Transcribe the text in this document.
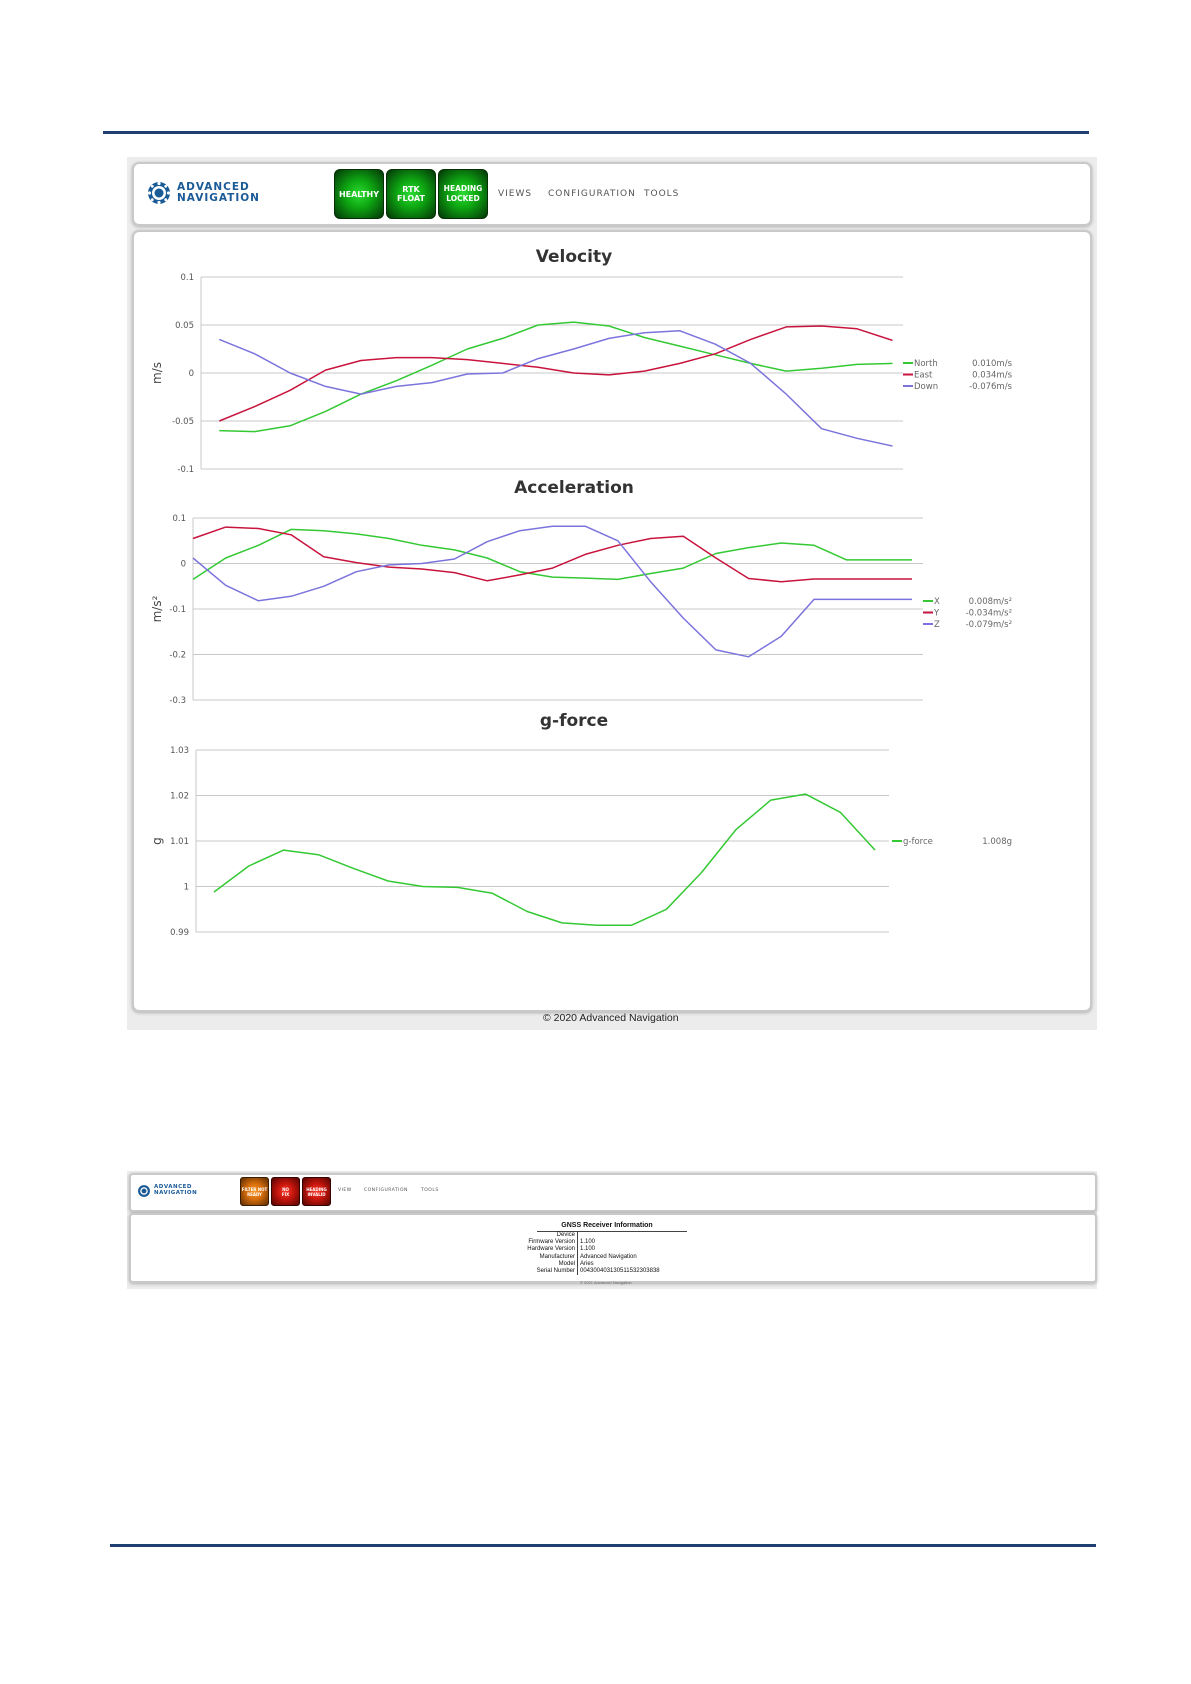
ADVANCED
NAVIGATION	HEALTHY	RTK FLOAT
HEADING LOCKED	VIEWS CONFIGURATION TOOLS
Velocity
m/s
0.1
0.05
0
-0.05
-0.1
North	0.010m/s
East	0.034m/s
Down	-0.076m/s
Acceleration
m/s²
0.1
0
-0.1
-0.2
-0.3
X	0.008m/s²
Y	-0.034m/s²
Z	-0.079m/s²
g-force
g
1.03
1.02
1.01
1
0.99
g-force	1.008g
© 2020 Advanced Navigation
ADVANCED
NAVIGATION
FILTER NOT READY
NO FIX
HEADING INVALID
VIEW	CONFIGURATION	TOOLS
GNSS Receiver Information
Device	
Firmware Version	1.100
Hardware Version	1.100
Manufacturer	Advanced Navigation
Model	Aries
Serial Number	004300403130511532303838
© 2021 Advanced Navigation
